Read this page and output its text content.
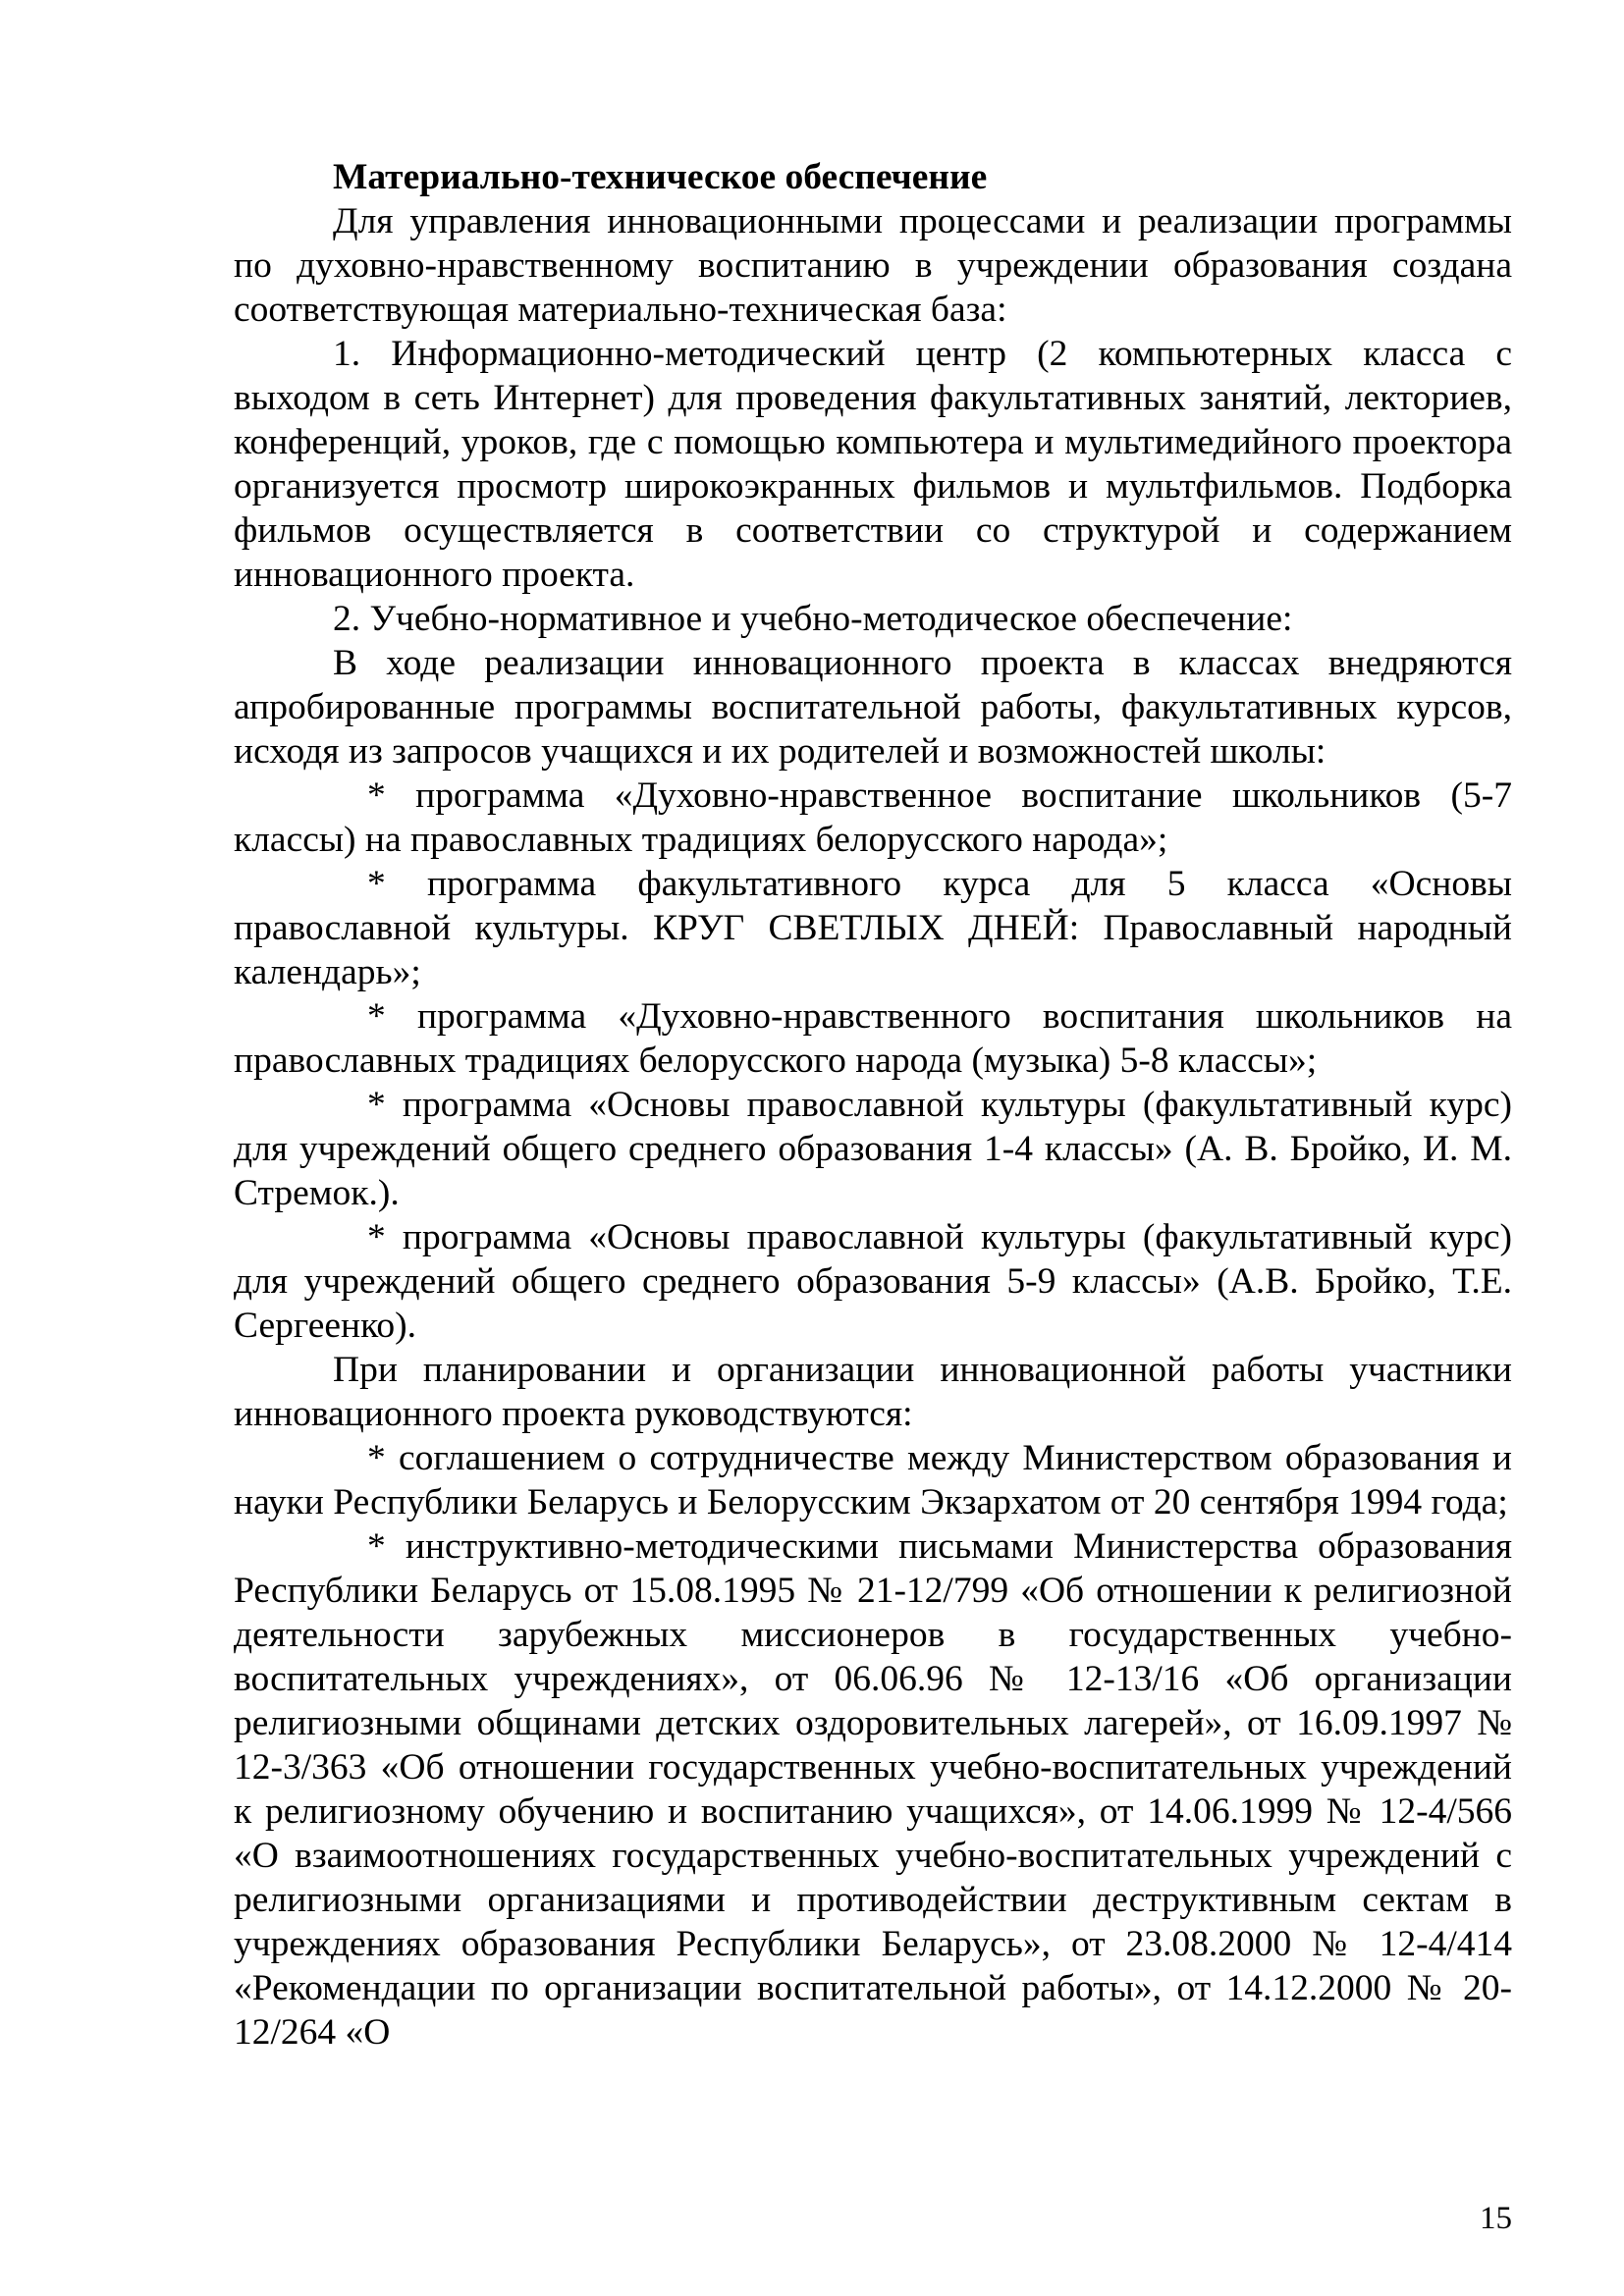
Материально-техническое обеспечение

Для управления инновационными процессами и реализации программы по духовно-нравственному воспитанию в учреждении образования создана соответствующая материально-техническая база:

1. Информационно-методический центр (2 компьютерных класса с выходом в сеть Интернет) для проведения факультативных занятий, лекториев, конференций, уроков, где с помощью компьютера и мультимедийного проектора организуется просмотр широкоэкранных фильмов и мультфильмов. Подборка фильмов осуществляется в соответствии со структурой и содержанием инновационного проекта.

2. Учебно-нормативное и учебно-методическое обеспечение:

В ходе реализации инновационного проекта в классах внедряются апробированные программы воспитательной работы, факультативных курсов, исходя из запросов учащихся и их родителей и возможностей школы:

* программа «Духовно-нравственное воспитание школьников (5-7 классы) на православных традициях белорусского народа»;

* программа факультативного курса для 5 класса «Основы православной культуры. КРУГ СВЕТЛЫХ ДНЕЙ: Православный народный календарь»;

* программа «Духовно-нравственного воспитания школьников на православных традициях белорусского народа (музыка) 5-8 классы»;

* программа «Основы православной культуры (факультативный курс) для учреждений общего среднего образования 1-4 классы» (А. В. Бройко, И. М. Стремок.).

* программа «Основы православной культуры (факультативный курс) для учреждений общего среднего образования 5-9 классы» (А.В. Бройко, Т.Е. Сергеенко).

При планировании и организации инновационной работы участники инновационного проекта руководствуются:

* соглашением о сотрудничестве между Министерством образования и науки Республики Беларусь и Белорусским Экзархатом от 20 сентября 1994 года;

* инструктивно-методическими письмами Министерства образования Республики Беларусь от 15.08.1995 № 21-12/799 «Об отношении к религиозной деятельности зарубежных миссионеров в государственных учебно-воспитательных учреждениях», от 06.06.96 № 12-13/16 «Об организации религиозными общинами детских оздоровительных лагерей», от 16.09.1997 № 12-3/363 «Об отношении государственных учебно-воспитательных учреждений к религиозному обучению и воспитанию учащихся», от 14.06.1999 № 12-4/566 «О взаимоотношениях государственных учебно-воспитательных учреждений с религиозными организациями и противодействии деструктивным сектам в учреждениях образования Республики Беларусь», от 23.08.2000 № 12-4/414 «Рекомендации по организации воспитательной работы», от 14.12.2000 № 20-12/264 «О

15
